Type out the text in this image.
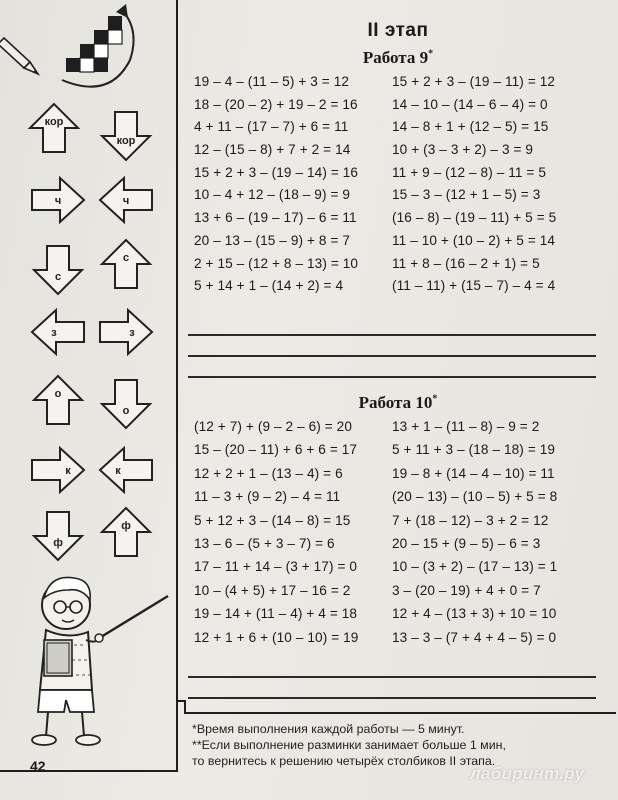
кор
кор
ч	ч
с
с
з	з
о
о
к	к
ф
ф
II этап
Работа 9*
19 – 4 – (11 – 5) + 3 = 12
18 – (20 – 2) + 19 – 2 = 16
4 + 11 – (17 – 7) + 6 = 11
12 – (15 – 8) + 7 + 2 = 14
15 + 2 + 3 – (19 – 14) = 16
10 – 4 + 12 – (18 – 9) = 9
13 + 6 – (19 – 17) – 6 = 11
20 – 13 – (15 – 9) + 8 = 7
2 + 15 – (12 + 8 – 13) = 10
5 + 14 + 1 – (14 + 2) = 4
15 + 2 + 3 – (19 – 11) = 12
14 – 10 – (14 – 6 – 4) = 0
14 – 8 + 1 + (12 – 5) = 15
10 + (3 – 3 + 2) – 3 = 9
11 + 9 – (12 – 8) – 11 = 5
15 – 3 – (12 + 1 – 5) = 3
(16 – 8) – (19 – 11) + 5 = 5
11 – 10 + (10 – 2) + 5 = 14
11 + 8 – (16 – 2 + 1) = 5
(11 – 11) + (15 – 7) – 4 = 4
Работа 10*
(12 + 7) + (9 – 2 – 6) = 20
15 – (20 – 11) + 6 + 6 = 17
12 + 2 + 1 – (13 – 4) = 6
11 – 3 + (9 – 2) – 4 = 11
5 + 12 + 3 – (14 – 8) = 15
13 – 6 – (5 + 3 – 7) = 6
17 – 11 + 14 – (3 + 17) = 0
10 – (4 + 5) + 17 – 16 = 2
19 – 14 + (11 – 4) + 4 = 18
12 + 1 + 6 + (10 – 10) = 19
13 + 1 – (11 – 8) – 9 = 2
5 + 11 + 3 – (18 – 18) = 19
19 – 8 + (14 – 4 – 10) = 11
(20 – 13) – (10 – 5) + 5 = 8
7 + (18 – 12) – 3 + 2 = 12
20 – 15 + (9 – 5) – 6 = 3
10 – (3 + 2) – (17 – 13) = 1
3 – (20 – 19) + 4 + 0 = 7
12 + 4 – (13 + 3) + 10 = 10
13 – 3 – (7 + 4 + 4 – 5) = 0
*Время выполнения каждой работы — 5 минут.
**Если выполнение разминки занимает больше 1 мин,
то вернитесь к решению четырёх столбиков II этапа.
42	лабиринт.ру
